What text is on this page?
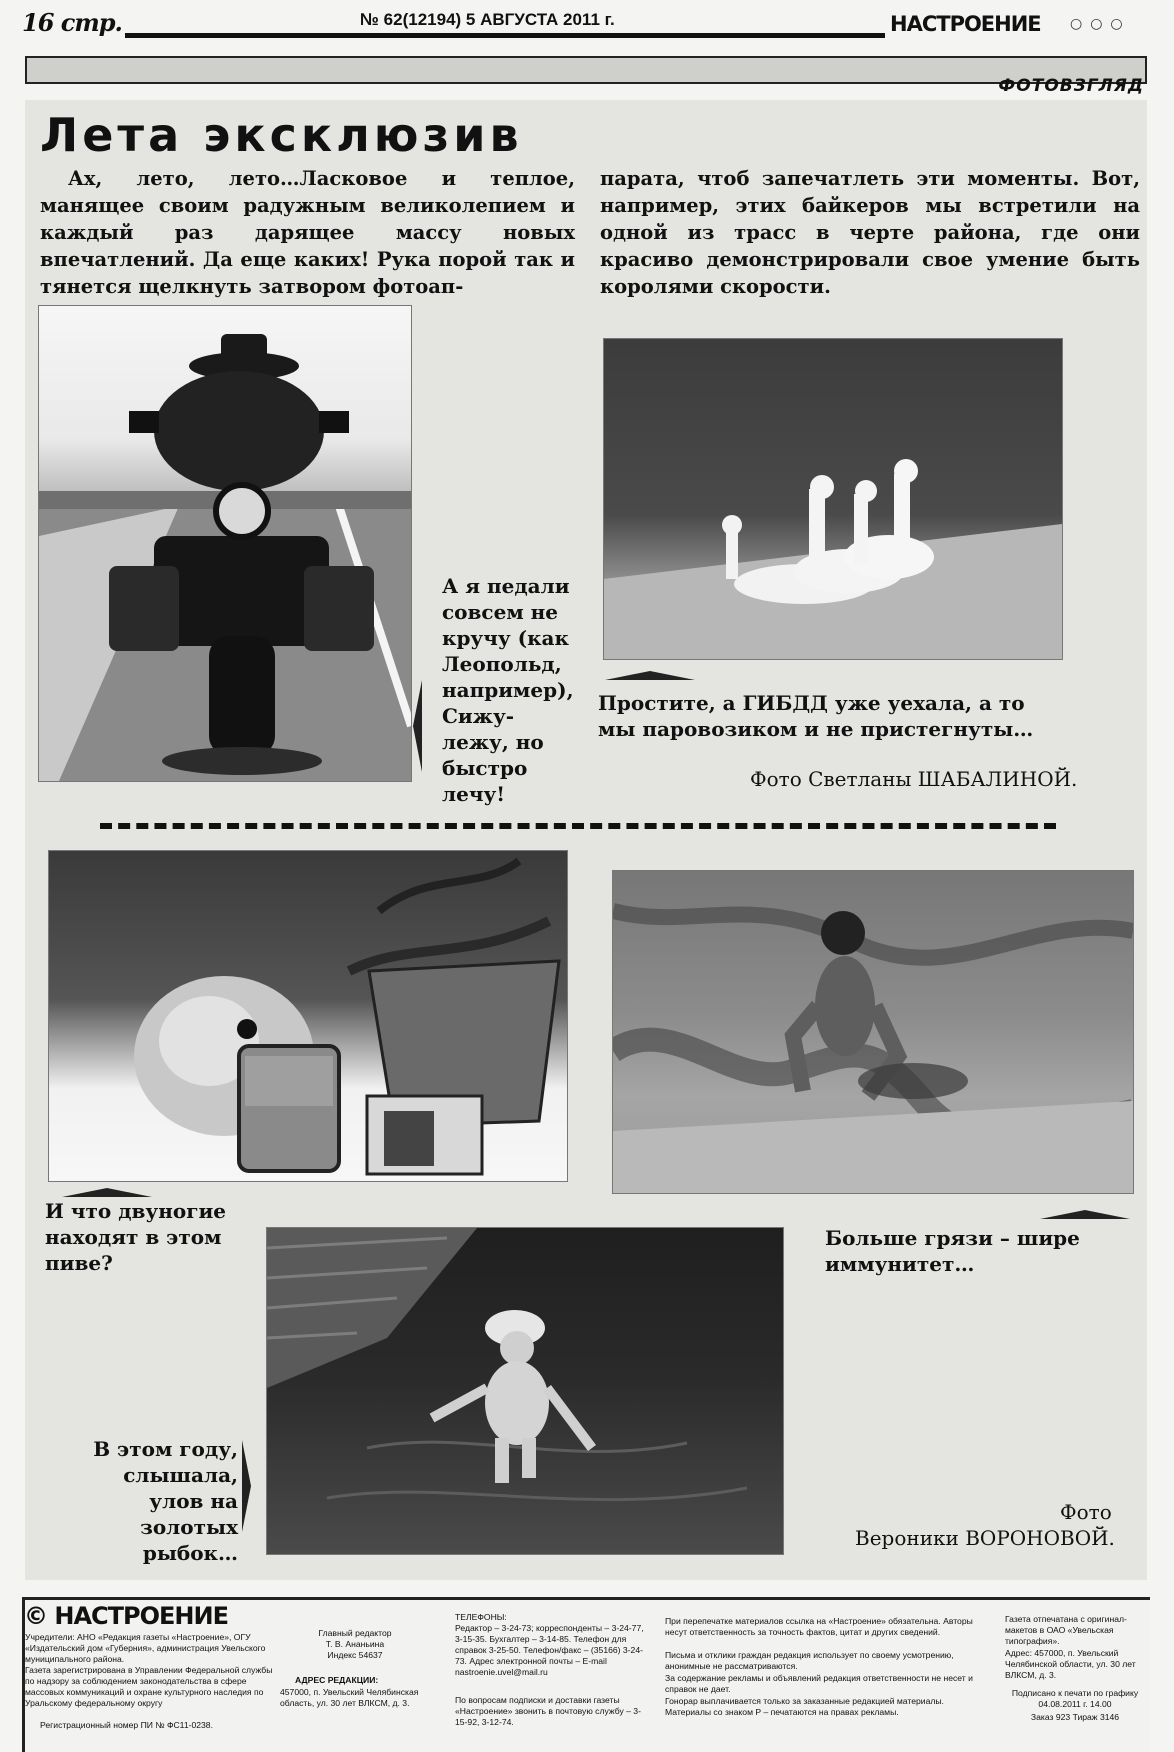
16 стр.	№ 62(12194) 5 АВГУСТА 2011 г.	НАСТРОЕНИЕ ○○○
ФОТОВЗГЛЯД
Лета эксклюзив
Ах, лето, лето…Ласковое и теплое, манящее своим радужным великолепием и каждый раз дарящее массу новых впечатлений. Да еще каких! Рука порой так и тянется щелкнуть затвором фотоап-
парата, чтоб запечатлеть эти моменты. Вот, например, этих байкеров мы встретили на одной из трасс в черте района, где они красиво демонстрировали свое умение быть королями скорости.
А я педали совсем не кручу (как Леопольд, например), Сижу-лежу, но быстро лечу!
Простите, а ГИБДД уже уехала, а то мы паровозиком и не пристегнуты…
Фото Светланы ШАБАЛИНОЙ.
И что двуногие находят в этом пиве?
Больше грязи – шире иммунитет…
В этом году, слышала, улов на золотых рыбок…
Фото
Вероники ВОРОНОВОЙ.
© НАСТРОЕНИЕ
Учредители: АНО «Редакция газеты «Настроение», ОГУ «Издательский дом «Губерния», администрация Увельского муниципального района.
Газета зарегистрирована в Управлении Федеральной службы по надзору за соблюдением законодательства в сфере массовых коммуникаций и охране культурного наследия по Уральскому федеральному округу
Регистрационный номер ПИ № ФС11-0238.
Главный редактор
Т. В. Ананьина
Индекс 54637
АДРЕС РЕДАКЦИИ:
457000, п. Увельский Челябинская область, ул. 30 лет ВЛКСМ, д. 3.
ТЕЛЕФОНЫ:
Редактор – 3-24-73; корреспонденты – 3-24-77, 3-15-35. Бухгалтер – 3-14-85. Телефон для справок 3-25-50. Телефон/факс – (35166) 3-24-73. Адрес электронной почты – E-mail nastroenie.uvel@mail.ru
По вопросам подписки и доставки газеты «Настроение» звонить в почтовую службу – 3-15-92, 3-12-74.
При перепечатке материалов ссылка на «Настроение» обязательна. Авторы несут ответственность за точность фактов, цитат и других сведений.
Письма и отклики граждан редакция использует по своему усмотрению, анонимные не рассматриваются.
За содержание рекламы и объявлений редакция ответственности не несет и справок не дает.
Гонорар выплачивается только за заказанные редакцией материалы. Материалы со знаком Р – печатаются на правах рекламы.
Газета отпечатана с оригинал-макетов в ОАО «Увельская типография».
Адрес: 457000, п. Увельский Челябинской области, ул. 30 лет ВЛКСМ, д. 3.
Подписано к печати по графику 04.08.2011 г. 14.00
Заказ 923 Тираж 3146
